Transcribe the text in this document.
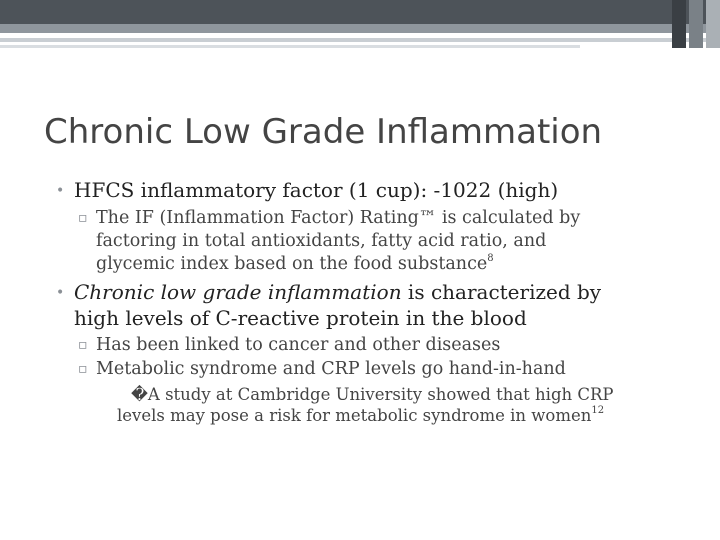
Chronic Low Grade Inflammation
• HFCS inflammatory factor (1 cup): -1022 (high)
▫ The IF (Inflammation Factor) Rating™ is calculated by
factoring in total antioxidants, fatty acid ratio, and
glycemic index based on the food substance$^8$
• Chronic low grade inflammation is characterized by
high levels of C-reactive protein in the blood
▫ Has been linked to cancer and other diseases
▫ Metabolic syndrome and CRP levels go hand-in-hand
�A study at Cambridge University showed that high CRP
levels may pose a risk for metabolic syndrome in women$^{12}$
